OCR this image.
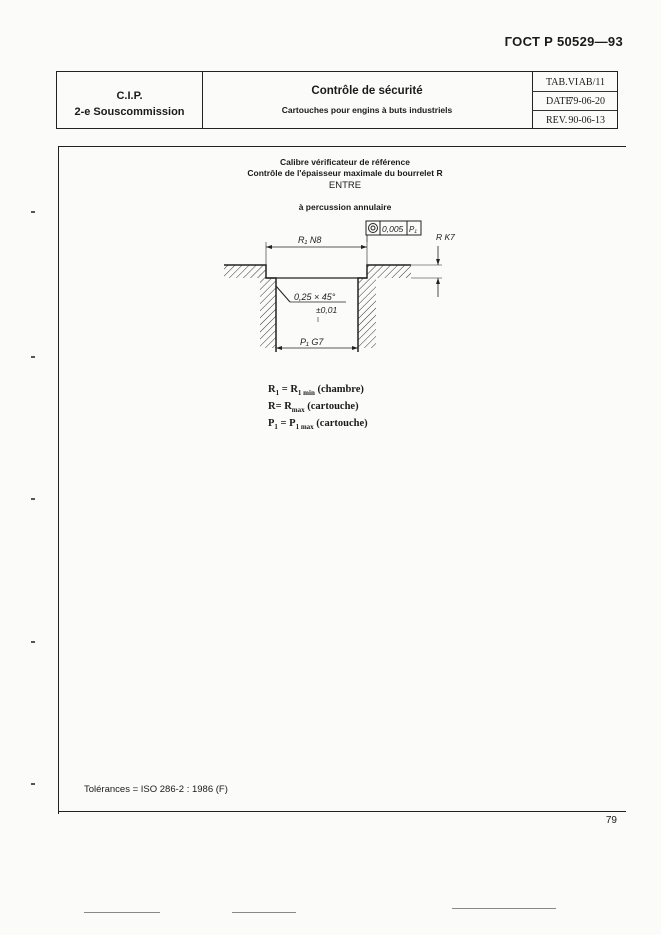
ГОСТ Р 50529—93
C.I.P.
2-e Souscommission
Contrôle de sécurité
Cartouches pour engins à buts industriels
TAB.VI AB/11
DATE
79-06-20
REV. 90-06-13
Calibre vérificateur de référence
Contrôle de l'épaisseur maximale du bourrelet R
ENTRE
à percussion annulaire
R₁ N8
0,005 P₁
R K7
0,25 × 45°
±0,01
P₁ G7
$R_1 = R_{1 min}$ (chambre)
$R= R_{max}$ (cartouche)
$P_1 = P_{1 max}$ (cartouche)
Tolérances = ISO 286-2 : 1986 (F)
79
